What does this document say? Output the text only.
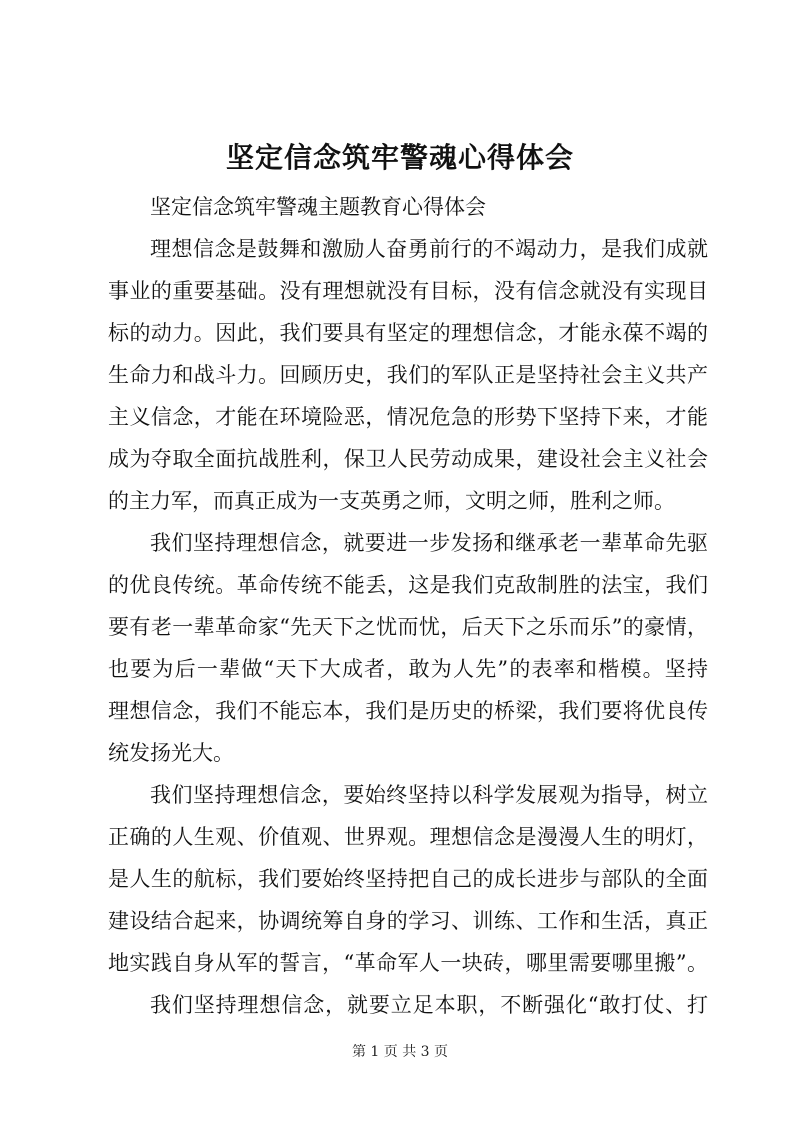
坚定信念筑牢警魂心得体会
坚定信念筑牢警魂主题教育心得体会
理想信念是鼓舞和激励人奋勇前行的不竭动力，是我们成就
事业的重要基础。没有理想就没有目标，没有信念就没有实现目
标的动力。因此，我们要具有坚定的理想信念，才能永葆不竭的
生命力和战斗力。回顾历史，我们的军队正是坚持社会主义共产
主义信念，才能在环境险恶，情况危急的形势下坚持下来，才能
成为夺取全面抗战胜利，保卫人民劳动成果，建设社会主义社会
的主力军，而真正成为一支英勇之师，文明之师，胜利之师。
我们坚持理想信念，就要进一步发扬和继承老一辈革命先驱
的优良传统。革命传统不能丢，这是我们克敌制胜的法宝，我们
要有老一辈革命家“先天下之忧而忧，后天下之乐而乐”的豪情，
也要为后一辈做“天下大成者，敢为人先”的表率和楷模。坚持
理想信念，我们不能忘本，我们是历史的桥梁，我们要将优良传
统发扬光大。
我们坚持理想信念，要始终坚持以科学发展观为指导，树立
正确的人生观、价值观、世界观。理想信念是漫漫人生的明灯，
是人生的航标，我们要始终坚持把自己的成长进步与部队的全面
建设结合起来，协调统筹自身的学习、训练、工作和生活，真正
地实践自身从军的誓言，“革命军人一块砖，哪里需要哪里搬”。
我们坚持理想信念，就要立足本职，不断强化“敢打仗、打
第 1 页 共 3 页
